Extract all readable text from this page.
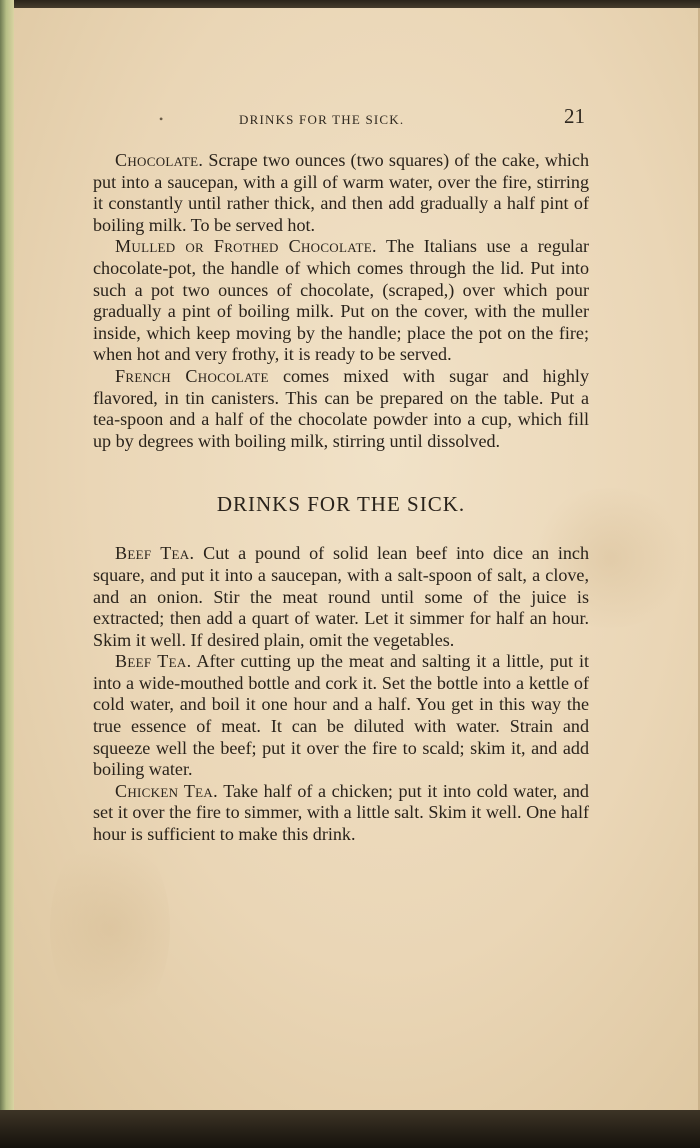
•	DRINKS FOR THE SICK.	21

Chocolate. Scrape two ounces (two squares) of the cake, which put into a saucepan, with a gill of warm water, over the fire, stirring it constantly until rather thick, and then add gradually a half pint of boiling milk. To be served hot.

Mulled or Frothed Chocolate. The Italians use a regular chocolate-pot, the handle of which comes through the lid. Put into such a pot two ounces of chocolate, (scraped,) over which pour gradually a pint of boiling milk. Put on the cover, with the muller inside, which keep moving by the handle; place the pot on the fire; when hot and very frothy, it is ready to be served.

French Chocolate comes mixed with sugar and highly flavored, in tin canisters. This can be prepared on the table. Put a tea-spoon and a half of the chocolate powder into a cup, which fill up by degrees with boiling milk, stirring until dissolved.

DRINKS FOR THE SICK.

Beef Tea. Cut a pound of solid lean beef into dice an inch square, and put it into a saucepan, with a salt-spoon of salt, a clove, and an onion. Stir the meat round until some of the juice is extracted; then add a quart of water. Let it simmer for half an hour. Skim it well. If desired plain, omit the vegetables.

Beef Tea. After cutting up the meat and salting it a little, put it into a wide-mouthed bottle and cork it. Set the bottle into a kettle of cold water, and boil it one hour and a half. You get in this way the true essence of meat. It can be diluted with water. Strain and squeeze well the beef; put it over the fire to scald; skim it, and add boiling water.

Chicken Tea. Take half of a chicken; put it into cold water, and set it over the fire to simmer, with a little salt. Skim it well. One half hour is sufficient to make this drink.
